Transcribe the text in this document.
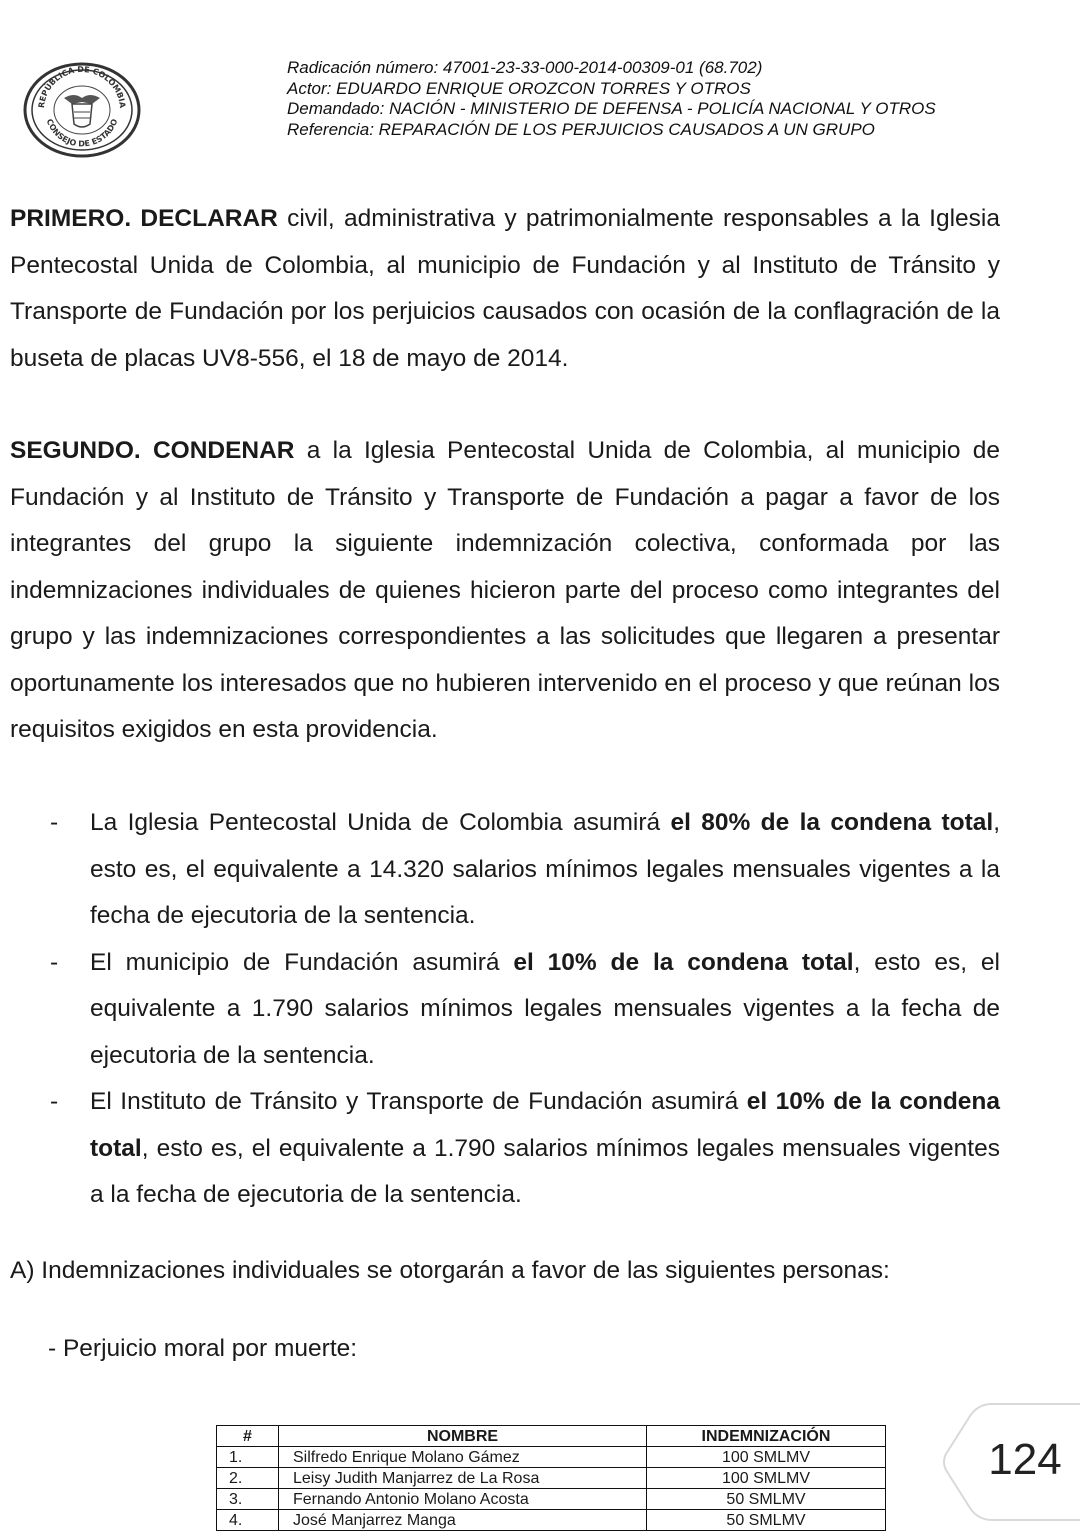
REPÚBLICA DE COLOMBIA
CONSEJO DE ESTADO
Radicación número: 47001-23-33-000-2014-00309-01 (68.702)
Actor: EDUARDO ENRIQUE OROZCON TORRES Y OTROS
Demandado: NACIÓN - MINISTERIO DE DEFENSA - POLICÍA NACIONAL Y OTROS
Referencia: REPARACIÓN DE LOS PERJUICIOS CAUSADOS A UN GRUPO

PRIMERO. DECLARAR civil, administrativa y patrimonialmente responsables a la Iglesia Pentecostal Unida de Colombia, al municipio de Fundación y al Instituto de Tránsito y Transporte de Fundación por los perjuicios causados con ocasión de la conflagración de la buseta de placas UV8-556, el 18 de mayo de 2014.

SEGUNDO. CONDENAR a la Iglesia Pentecostal Unida de Colombia, al municipio de Fundación y al Instituto de Tránsito y Transporte de Fundación a pagar a favor de los integrantes del grupo la siguiente indemnización colectiva, conformada por las indemnizaciones individuales de quienes hicieron parte del proceso como integrantes del grupo y las indemnizaciones correspondientes a las solicitudes que llegaren a presentar oportunamente los interesados que no hubieren intervenido en el proceso y que reúnan los requisitos exigidos en esta providencia.

-	La Iglesia Pentecostal Unida de Colombia asumirá el 80% de la condena total, esto es, el equivalente a 14.320 salarios mínimos legales mensuales vigentes a la fecha de ejecutoria de la sentencia.
-	El municipio de Fundación asumirá el 10% de la condena total, esto es, el equivalente a 1.790 salarios mínimos legales mensuales vigentes a la fecha de ejecutoria de la sentencia.
-	El Instituto de Tránsito y Transporte de Fundación asumirá el 10% de la condena total, esto es, el equivalente a 1.790 salarios mínimos legales mensuales vigentes a la fecha de ejecutoria de la sentencia.
A) Indemnizaciones individuales se otorgarán a favor de las siguientes personas:
- Perjuicio moral por muerte:
#	NOMBRE	INDEMNIZACIÓN
1.	Silfredo Enrique Molano Gámez	100 SMLMV
2.	Leisy Judith Manjarrez de La Rosa	100 SMLMV
3.	Fernando Antonio Molano Acosta	50 SMLMV
4.	José Manjarrez Manga	50 SMLMV
124
